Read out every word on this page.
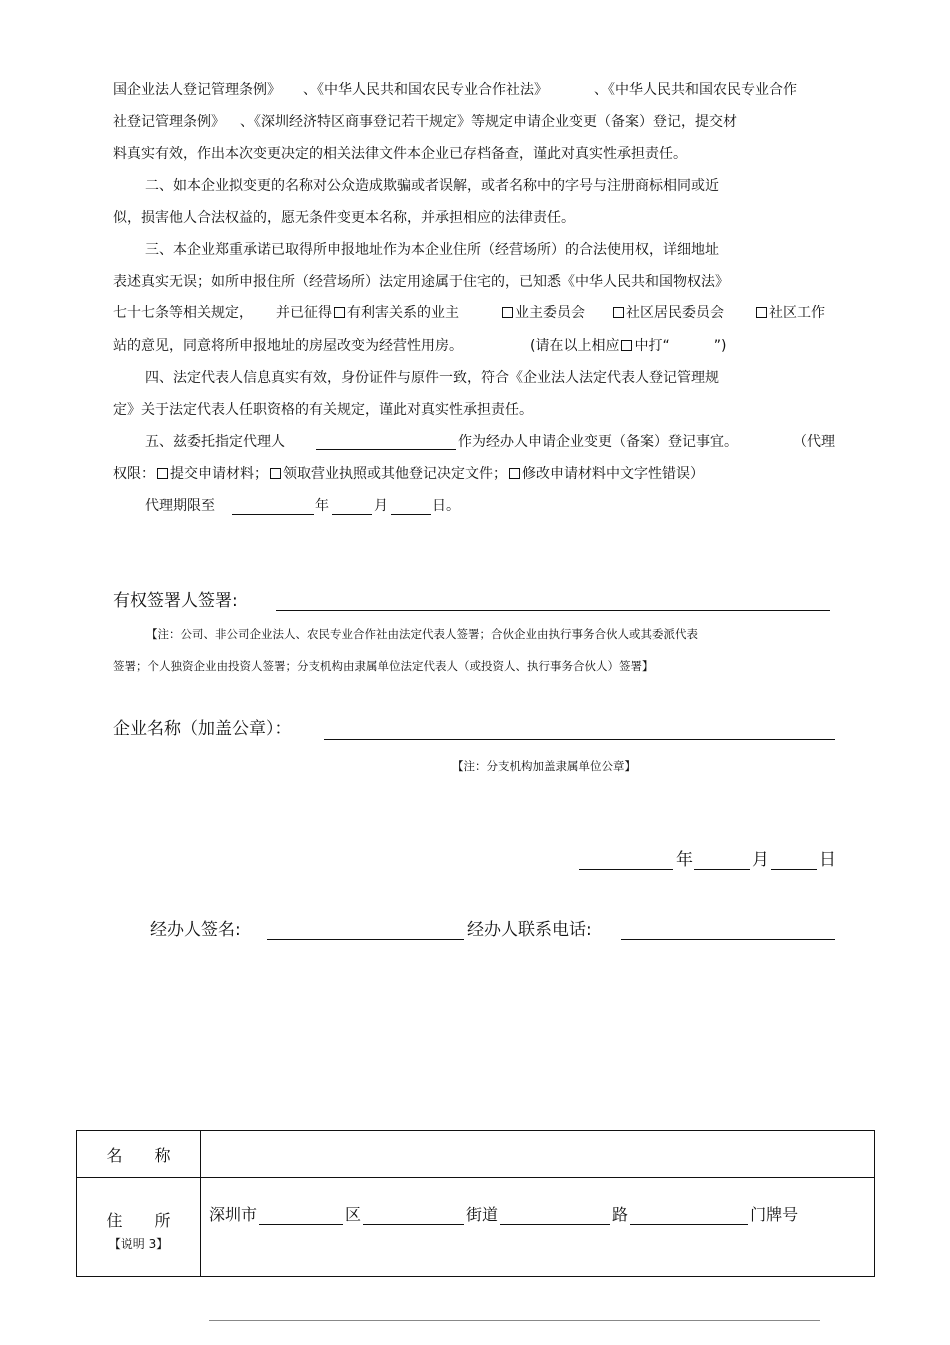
国企业法人登记管理条例》 、《中华人民共和国农民专业合作社法》	、《中华人民共和国农民专业合作
社登记管理条例》 、《深圳经济特区商事登记若干规定》等规定申请企业变更（备案）登记，提交材
料真实有效，作出本次变更决定的相关法律文件本企业已存档备查，谨此对真实性承担责任。
二、如本企业拟变更的名称对公众造成欺骗或者误解，或者名称中的字号与注册商标相同或近
似，损害他人合法权益的，愿无条件变更本名称，并承担相应的法律责任。
三、本企业郑重承诺已取得所申报地址作为本企业住所（经营场所）的合法使用权，详细地址
表述真实无误；如所申报住所（经营场所）法定用途属于住宅的，已知悉《中华人民共和国物权法》
七十七条等相关规定， 并已征得 有利害关系的业主	业主委员会	社区居民委员会	社区工作
站的意见，同意将所申报地址的房屋改变为经营性用房。	(请在以上相应 中打“	”)
四、法定代表人信息真实有效，身份证件与原件一致，符合《企业法人法定代表人登记管理规
定》关于法定代表人任职资格的有关规定，谨此对真实性承担责任。
五、兹委托指定代理人	作为经办人申请企业变更（备案）登记事宜。	（代理
权限： 提交申请材料； 领取营业执照或其他登记决定文件； 修改申请材料中文字性错误）
代理期限至	年	月	日。
有权签署人签署:
【注：公司、非公司企业法人、农民专业合作社由法定代表人签署；合伙企业由执行事务合伙人或其委派代表
签署；个人独资企业由投资人签署；分支机构由隶属单位法定代表人（或投资人、执行事务合伙人）签署】
企业名称（加盖公章）：
【注：分支机构加盖隶属单位公章】
年	月	日
经办人签名:	经办人联系电话:
名　　称	

住　　所
【说明 3】	深圳市 区 街道 路 门牌号
